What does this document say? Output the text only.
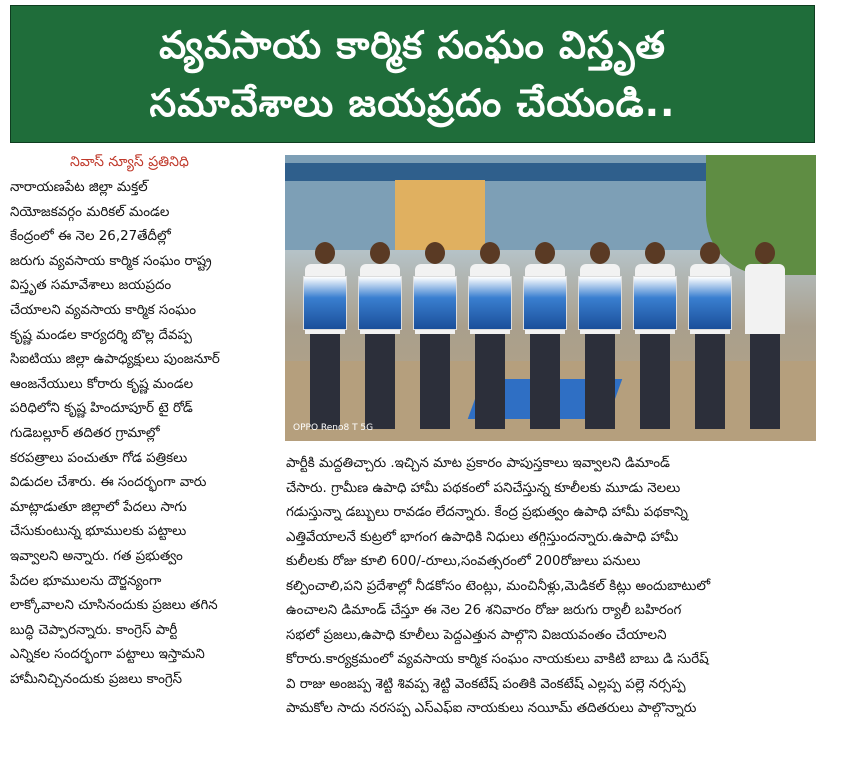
వ్యవసాయ కార్మిక సంఘం విస్తృత
సమావేశాలు జయప్రదం చేయండి..
నివాస్ న్యూస్ ప్రతినిధి
నారాయణపేట జిల్లా మక్తల్
నియోజకవర్గం మరికల్ మండల
కేంద్రంలో ఈ నెల 26,27తేదీల్లో
జరుగు వ్యవసాయ కార్మిక సంఘం రాష్ట్ర
విస్తృత సమావేశాలు జయప్రదం
చేయాలని వ్యవసాయ కార్మిక సంఘం
కృష్ణ మండల కార్యదర్శి బొల్ల దేవప్ప
సిఐటియు జిల్లా ఉపాధ్యక్షులు పుంజనూర్
ఆంజనేయులు కోరారు కృష్ణ మండల
పరిధిలోని కృష్ణ హిందూపూర్ టై రోడ్
గుడెబల్లూర్ తదితర గ్రామాల్లో
కరపత్రాలు పంచుతూ గోడ పత్రికలు
విడుదల చేశారు. ఈ సందర్భంగా వారు
మాట్లాడుతూ జిల్లాలో పేదలు సాగు
చేసుకుంటున్న భూములకు పట్టాలు
ఇవ్వాలని అన్నారు. గత ప్రభుత్వం
పేదల భూములను దౌర్జన్యంగా
లాక్కోవాలని చూసినందుకు ప్రజలు తగిన
బుద్ధి చెప్పారన్నారు. కాంగ్రెస్ పార్టీ
ఎన్నికల సందర్భంగా పట్టాలు ఇస్తామని
హామీనిచ్చినందుకు ప్రజలు కాంగ్రెస్
OPPO Reno8 T 5G
పార్టీకి మద్దతిచ్చారు .ఇచ్చిన మాట ప్రకారం పాపుస్తకాలు ఇవ్వాలని డిమాండ్
చేసారు. గ్రామీణ ఉపాధి హామీ పథకంలో పనిచేస్తున్న కూలీలకు మూడు నెలలు
గడుస్తున్నా డబ్బులు రావడం లేదన్నారు. కేంద్ర ప్రభుత్వం ఉపాధి హామీ పథకాన్ని
ఎత్తివేయాలనే కుట్రలో భాగంగ ఉపాధికి నిధులు తగ్గిస్తుందన్నారు.ఉపాధి హామీ
కులీలకు రోజు కూలి 600/-రూలు,సంవత్సరంలో 200రోజులు పనులు
కల్పించాలి,పని ప్రదేశాల్లో నీడకోసం టెంట్లు, మంచినీళ్లు,మెడికల్ కిట్లు అందుబాటులో
ఉంచాలని డిమాండ్ చేస్తూ ఈ నెల 26 శనివారం రోజు జరుగు ర్యాలీ బహిరంగ
సభలో ప్రజలు,ఉపాధి కూలీలు పెద్దఎత్తున పాల్గొని విజయవంతం చేయాలని
కోరారు.కార్యక్రమంలో వ్యవసాయ కార్మిక సంఘం నాయకులు వాకిటి బాబు డి సురేష్
వి రాజు అంజప్ప శెట్టి శివప్ప శెట్టి వెంకటేష్ పంతికి వెంకటేష్ ఎల్లప్ప పల్లె నర్సప్ప
పామకోల సాదు నరసప్ప ఎస్ఎఫ్ఐ నాయకులు నయీమ్ తదితరులు పాల్గొన్నారు
